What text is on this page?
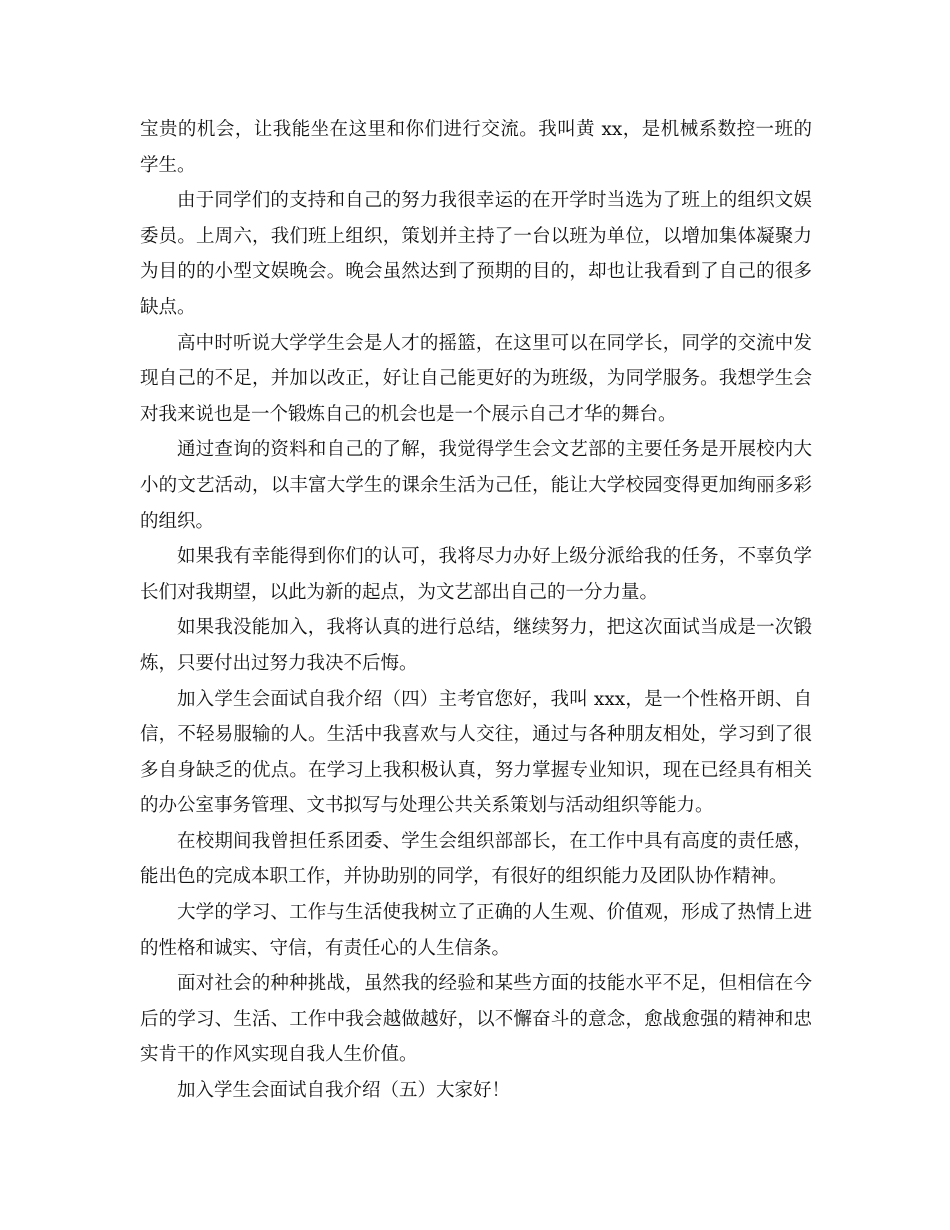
宝贵的机会，让我能坐在这里和你们进行交流。我叫黄 xx，是机械系数控一班的学生。

由于同学们的支持和自己的努力我很幸运的在开学时当选为了班上的组织文娱委员。上周六，我们班上组织，策划并主持了一台以班为单位，以增加集体凝聚力为目的的小型文娱晚会。晚会虽然达到了预期的目的，却也让我看到了自己的很多缺点。

高中时听说大学学生会是人才的摇篮，在这里可以在同学长，同学的交流中发现自己的不足，并加以改正，好让自己能更好的为班级，为同学服务。我想学生会对我来说也是一个锻炼自己的机会也是一个展示自己才华的舞台。

通过查询的资料和自己的了解，我觉得学生会文艺部的主要任务是开展校内大小的文艺活动，以丰富大学生的课余生活为己任，能让大学校园变得更加绚丽多彩的组织。

如果我有幸能得到你们的认可，我将尽力办好上级分派给我的任务，不辜负学长们对我期望，以此为新的起点，为文艺部出自己的一分力量。

如果我没能加入，我将认真的进行总结，继续努力，把这次面试当成是一次锻炼，只要付出过努力我决不后悔。

加入学生会面试自我介绍（四）主考官您好，我叫 xxx，是一个性格开朗、自信，不轻易服输的人。生活中我喜欢与人交往，通过与各种朋友相处，学习到了很多自身缺乏的优点。在学习上我积极认真，努力掌握专业知识，现在已经具有相关的办公室事务管理、文书拟写与处理公共关系策划与活动组织等能力。

在校期间我曾担任系团委、学生会组织部部长，在工作中具有高度的责任感，能出色的完成本职工作，并协助别的同学，有很好的组织能力及团队协作精神。

大学的学习、工作与生活使我树立了正确的人生观、价值观，形成了热情上进的性格和诚实、守信，有责任心的人生信条。

面对社会的种种挑战，虽然我的经验和某些方面的技能水平不足，但相信在今后的学习、生活、工作中我会越做越好，以不懈奋斗的意念，愈战愈强的精神和忠实肯干的作风实现自我人生价值。

加入学生会面试自我介绍（五）大家好！
